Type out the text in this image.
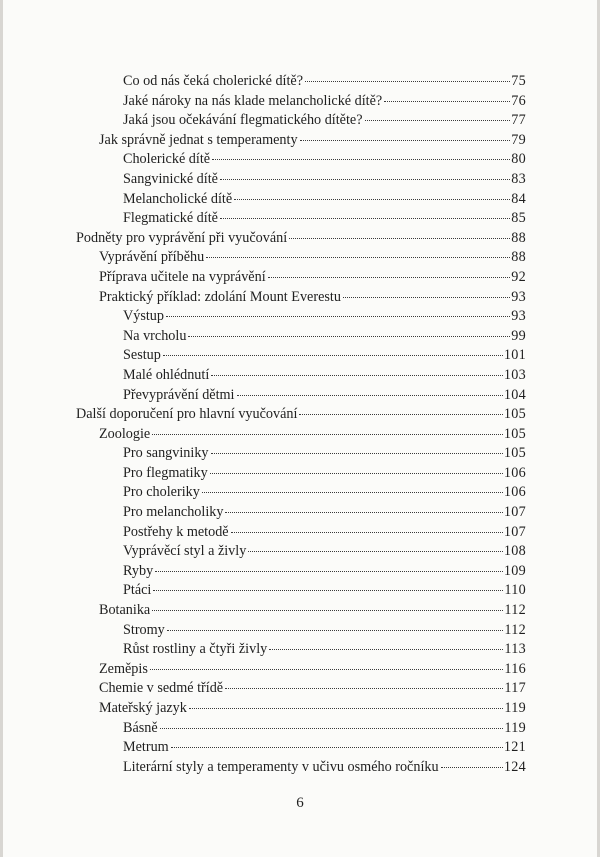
Co od nás čeká cholerické dítě?	75
Jaké nároky na nás klade melancholické dítě?	76
Jaká jsou očekávání flegmatického dítěte?	77
Jak správně jednat s temperamenty	79
Cholerické dítě	80
Sangvinické dítě	83
Melancholické dítě	84
Flegmatické dítě	85
Podněty pro vyprávění při vyučování	88
Vyprávění příběhu	88
Příprava učitele na vyprávění	92
Praktický příklad: zdolání Mount Everestu	93
Výstup	93
Na vrcholu	99
Sestup	101
Malé ohlédnutí	103
Převyprávění dětmi	104
Další doporučení pro hlavní vyučování	105
Zoologie	105
Pro sangviniky	105
Pro flegmatiky	106
Pro choleriky	106
Pro melancholiky	107
Postřehy k metodě	107
Vyprávěcí styl a živly	108
Ryby	109
Ptáci	110
Botanika	112
Stromy	112
Růst rostliny a čtyři živly	113
Zeměpis	116
Chemie v sedmé třídě	117
Mateřský jazyk	119
Básně	119
Metrum	121
Literární styly a temperamenty v učivu osmého ročníku	124
6
